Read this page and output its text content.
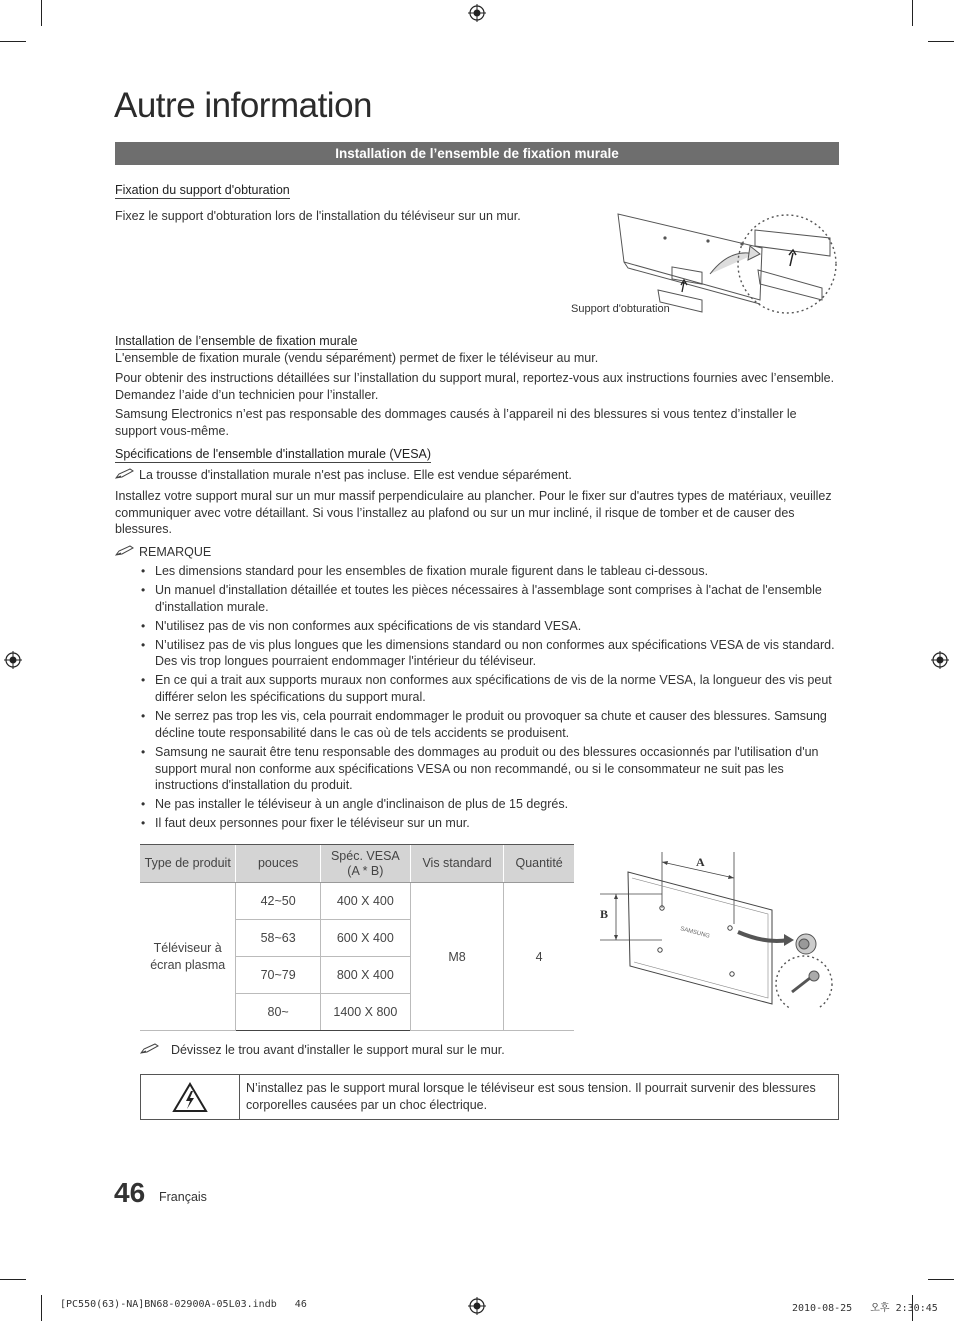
Autre information
Installation de l’ensemble de fixation murale
Fixation du support d'obturation

Fixez le support d'obturation lors de l'installation du téléviseur sur un mur.

Support d'obturation
Installation de l’ensemble de fixation murale

L'ensemble de fixation murale (vendu séparément) permet de fixer le téléviseur au mur.

Pour obtenir des instructions détaillées sur l’installation du support mural, reportez-vous aux instructions fournies avec l’ensemble. Demandez l’aide d’un technicien pour l’installer.

Samsung Electronics n’est pas responsable des dommages causés à l’appareil ni des blessures si vous tentez d’installer le support vous-même.

Spécifications de l'ensemble d'installation murale (VESA)

La trousse d'installation murale n'est pas incluse. Elle est vendue séparément.

Installez votre support mural sur un mur massif perpendiculaire au plancher. Pour le fixer sur d'autres types de matériaux, veuillez communiquer avec votre détaillant. Si vous l’installez au plafond ou sur un mur incliné, il risque de tomber et de causer des blessures.

REMARQUE

• Les dimensions standard pour les ensembles de fixation murale figurent dans le tableau ci-dessous.
• Un manuel d'installation détaillée et toutes les pièces nécessaires à l'assemblage sont comprises à l'achat de l'ensemble d'installation murale.
• N'utilisez pas de vis non conformes aux spécifications de vis standard VESA.
• N’utilisez pas de vis plus longues que les dimensions standard ou non conformes aux spécifications VESA de vis standard. Des vis trop longues pourraient endommager l'intérieur du téléviseur.
• En ce qui a trait aux supports muraux non conformes aux spécifications de vis de la norme VESA, la longueur des vis peut différer selon les spécifications du support mural.
• Ne serrez pas trop les vis, cela pourrait endommager le produit ou provoquer sa chute et causer des blessures. Samsung décline toute responsabilité dans le cas où de tels accidents se produisent.
• Samsung ne saurait être tenu responsable des dommages au produit ou des blessures occasionnés par l'utilisation d'un support mural non conforme aux spécifications VESA ou non recommandé, ou si le consommateur ne suit pas les instructions d'installation du produit.
• Ne pas installer le téléviseur à un angle d'inclinaison de plus de 15 degrés.
• Il faut deux personnes pour fixer le téléviseur sur un mur.
Type de produit	pouces	Spéc. VESA (A * B)	Vis standard	Quantité
Téléviseur à écran plasma	42~50	400 X 400	M8	4
	58~63	600 X 400		
	70~79	800 X 400		
	80~	1400 X 800		
A
B
SAMSUNG

Dévissez le trou avant d'installer le support mural sur le mur.

N’installez pas le support mural lorsque le téléviseur est sous tension. Il pourrait survenir des blessures corporelles causées par un choc électrique.
46 Français
[PC550(63)-NA]BN68-02900A-05L03.indb   46	2010-08-25   오후 2:30:45
